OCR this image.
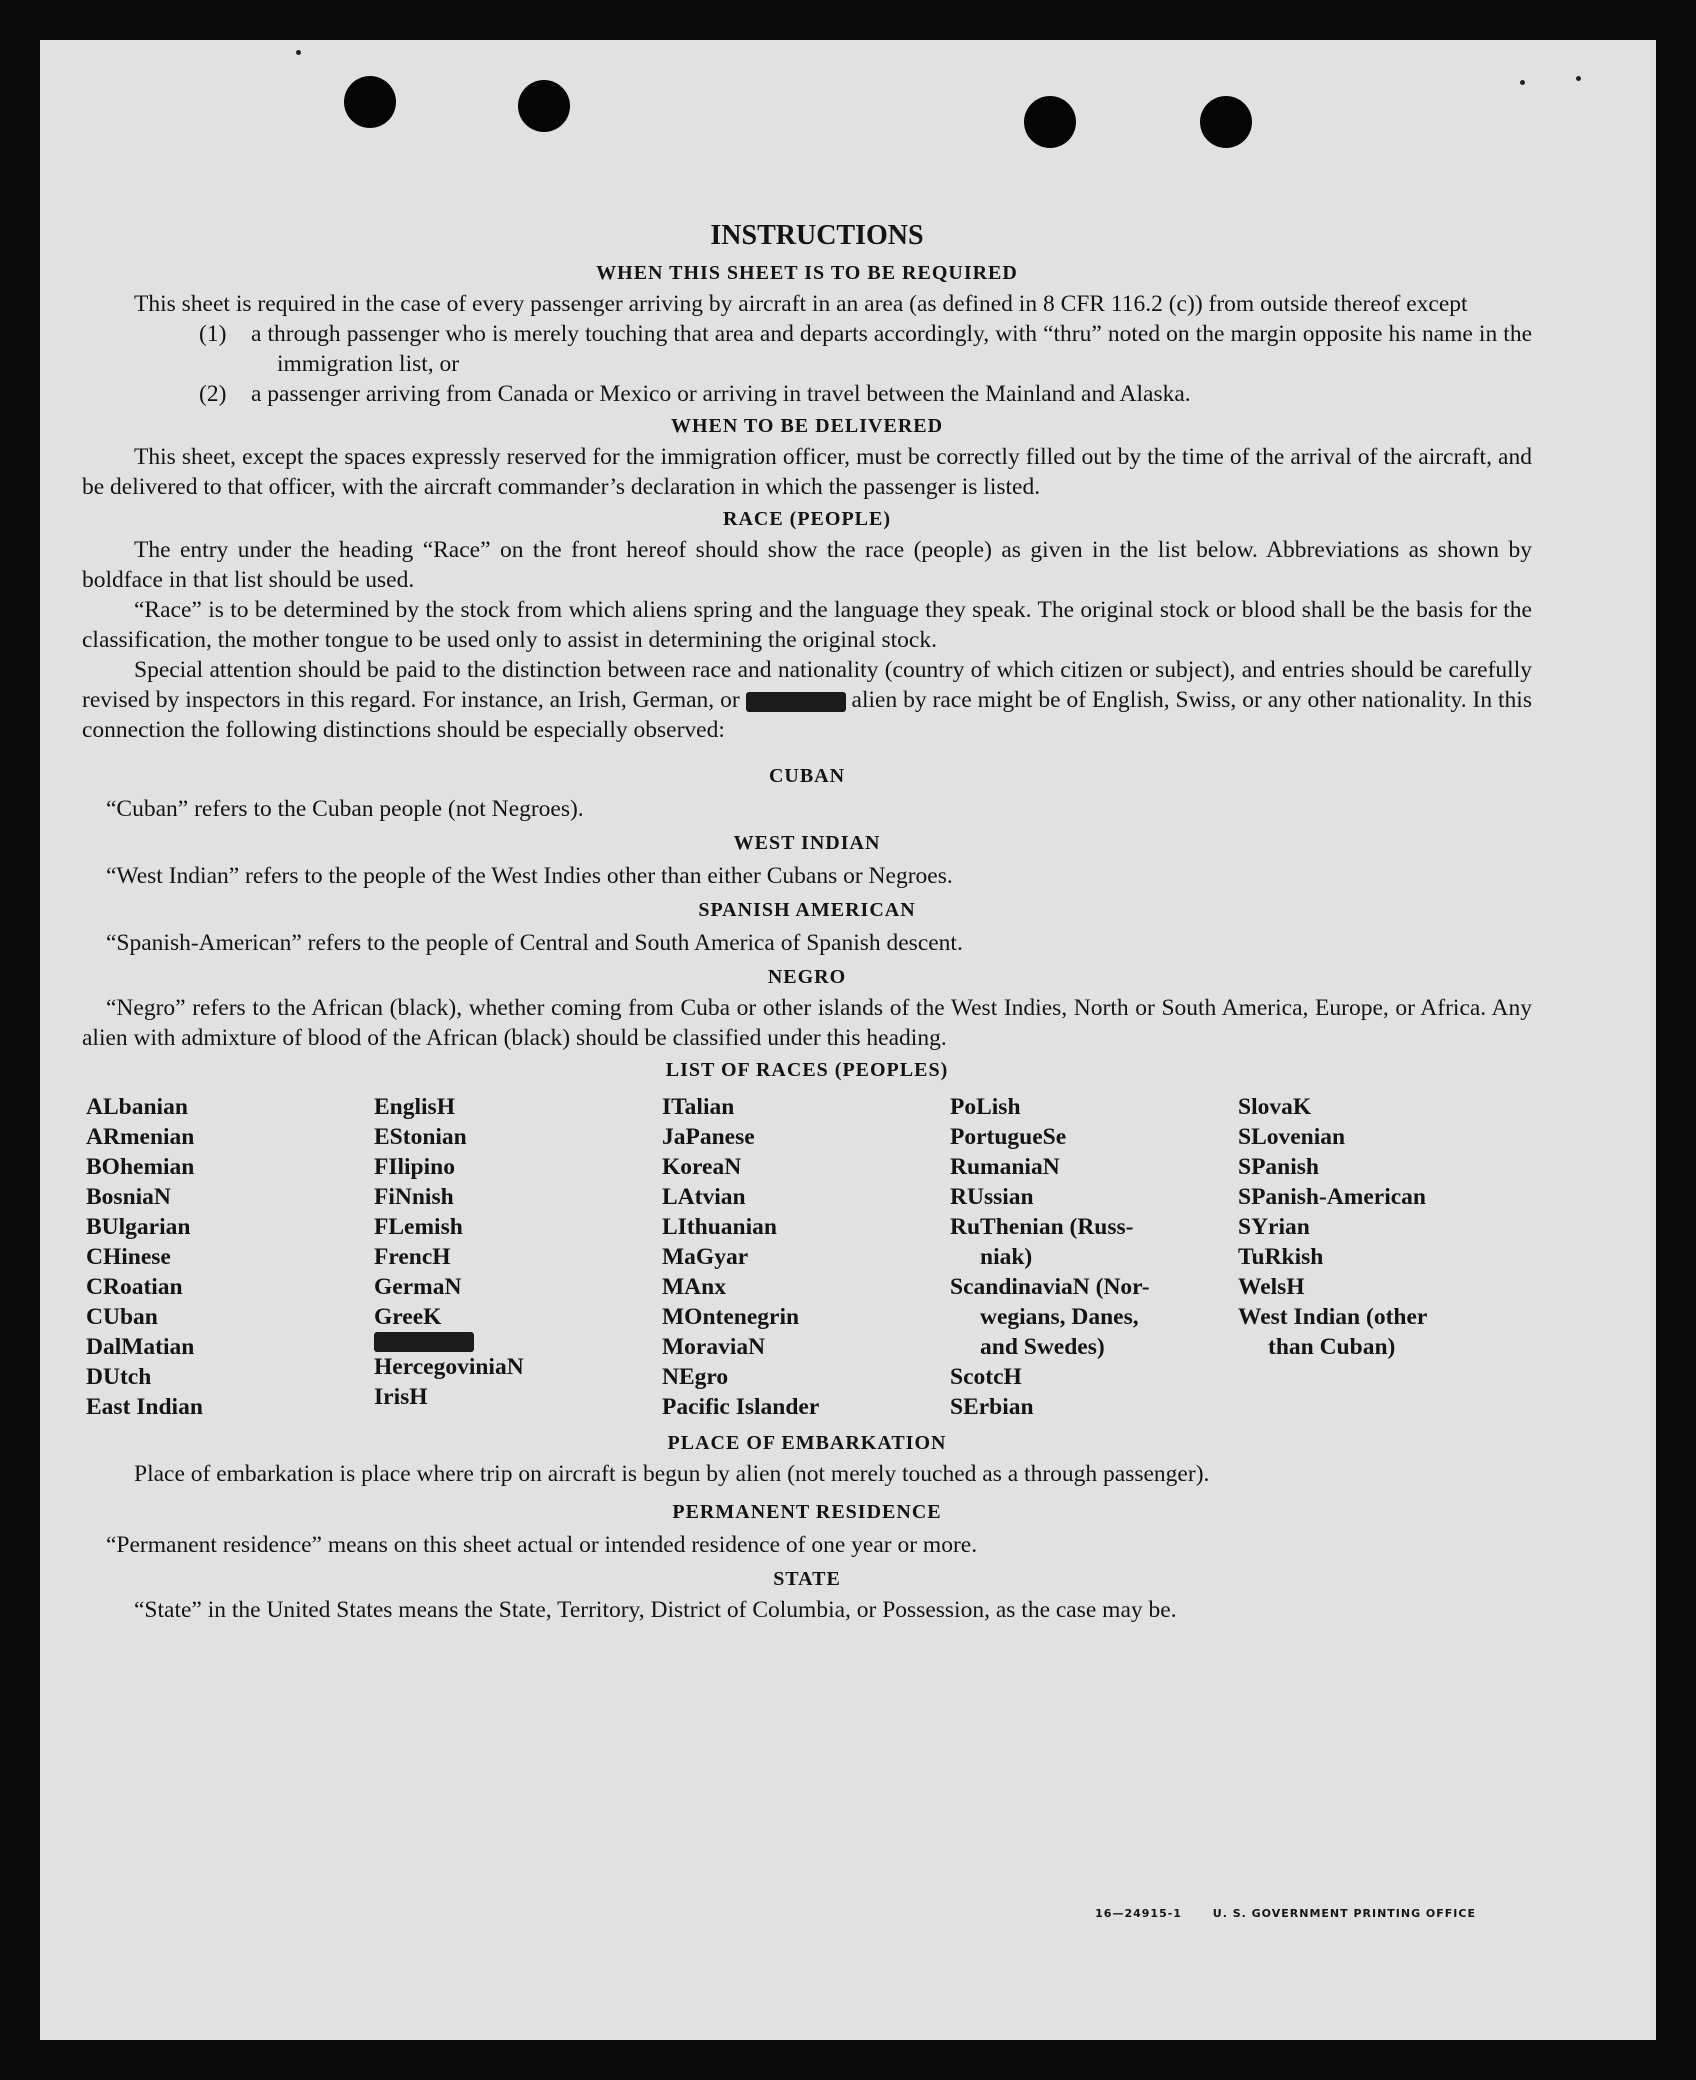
INSTRUCTIONS
WHEN THIS SHEET IS TO BE REQUIRED

This sheet is required in the case of every passenger arriving by aircraft in an area (as defined in 8 CFR 116.2 (c)) from outside thereof except

(1) a through passenger who is merely touching that area and departs accordingly, with “thru” noted on the margin opposite his name in the immigration list, or
(2) a passenger arriving from Canada or Mexico or arriving in travel between the Mainland and Alaska.
WHEN TO BE DELIVERED

This sheet, except the spaces expressly reserved for the immigration officer, must be correctly filled out by the time of the arrival of the aircraft, and be delivered to that officer, with the aircraft commander’s declaration in which the passenger is listed.

RACE (PEOPLE)

The entry under the heading “Race” on the front hereof should show the race (people) as given in the list below. Abbreviations as shown by boldface in that list should be used.

“Race” is to be determined by the stock from which aliens spring and the language they speak. The original stock or blood shall be the basis for the classification, the mother tongue to be used only to assist in determining the original stock.

Special attention should be paid to the distinction between race and nationality (country of which citizen or subject), and entries should be carefully revised by inspectors in this regard. For instance, an Irish, German, or	alien by race might be of English, Swiss, or any other nationality. In this connection the following distinctions should be especially observed:

CUBAN
“Cuban” refers to the Cuban people (not Negroes).
WEST INDIAN
“West Indian” refers to the people of the West Indies other than either Cubans or Negroes.
SPANISH AMERICAN
“Spanish-American” refers to the people of Central and South America of Spanish descent.
NEGRO

“Negro” refers to the African (black), whether coming from Cuba or other islands of the West Indies, North or South America, Europe, or Africa. Any alien with admixture of blood of the African (black) should be classified under this heading.

LIST OF RACES (PEOPLES)
ALbanian
ARmenian
BOhemian
BosniaN
BUlgarian
CHinese
CRoatian
CUban
DalMatian
DUtch
East Indian
EnglisH
EStonian
FIlipino
FiNnish
FLemish
FrencH
GermaN
GreeK
HercegoviniaN
IrisH
ITalian
JaPanese
KoreaN
LAtvian
LIthuanian
MaGyar
MAnx
MOntenegrin
MoraviaN
NEgro
Pacific Islander
PoLish
PortugueSe
RumaniaN
RUssian
RuThenian (Russ-
niak)
ScandinaviaN (Nor-
wegians, Danes,
and Swedes)
ScotcH
SErbian
SlovaK
SLovenian
SPanish
SPanish-American
SYrian
TuRkish
WelsH
West Indian (other
than Cuban)
PLACE OF EMBARKATION

Place of embarkation is place where trip on aircraft is begun by alien (not merely touched as a through passenger).

PERMANENT RESIDENCE
“Permanent residence” means on this sheet actual or intended residence of one year or more.
STATE

“State” in the United States means the State, Territory, District of Columbia, or Possession, as the case may be.

16—24915-1	U. S. GOVERNMENT PRINTING OFFICE
